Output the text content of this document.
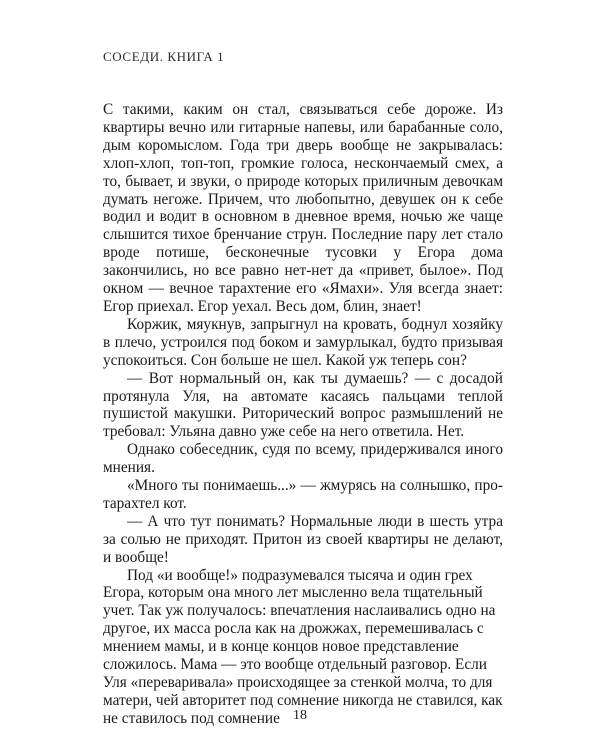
СОСЕДИ. КНИГА 1

С такими, каким он стал, связываться себе дороже. Из квартиры вечно или гитарные напевы, или барабанные соло, дым коромыслом. Года три дверь вообще не закрывалась: хлоп-хлоп, топ-топ, громкие голоса, нескончаемый смех, а то, бывает, и звуки, о природе которых приличным девочкам думать негоже. Причем, что любопытно, девушек он к себе водил и водит в основном в дневное время, ночью же чаще слышится тихое бренчание струн. Последние пару лет стало вроде потише, бесконечные тусовки у Егора дома закончились, но все равно нет-нет да «привет, былое». Под окном — вечное тарахтение его «Ямахи». Уля всегда знает: Егор приехал. Егор уехал. Весь дом, блин, знает!

Коржик, мяукнув, запрыгнул на кровать, боднул хозяйку в плечо, устроился под боком и замурлыкал, будто призывая успокоиться. Сон больше не шел. Какой уж теперь сон?

— Вот нормальный он, как ты думаешь? — с досадой протянула Уля, на автомате касаясь пальцами теплой пушистой макушки. Риторический вопрос размышлений не требовал: Ульяна давно уже себе на него ответила. Нет.

Однако собеседник, судя по всему, придерживался иного мнения.

«Много ты понимаешь...» — жмурясь на солнышко, протарахтел кот.

— А что тут понимать? Нормальные люди в шесть утра за солью не приходят. Притон из своей квартиры не делают, и вообще!

Под «и вообще!» подразумевался тысяча и один грех Егора, которым она много лет мысленно вела тщательный учет. Так уж получалось: впечатления наслаивались одно на другое, их масса росла как на дрожжах, перемешивалась с мнением мамы, и в конце концов новое представление сложилось. Мама — это вообще отдельный разговор. Если Уля «переваривала» происходящее за стенкой молча, то для матери, чей авторитет под сомнение никогда не ставился, как не ставилось под сомнение 18
